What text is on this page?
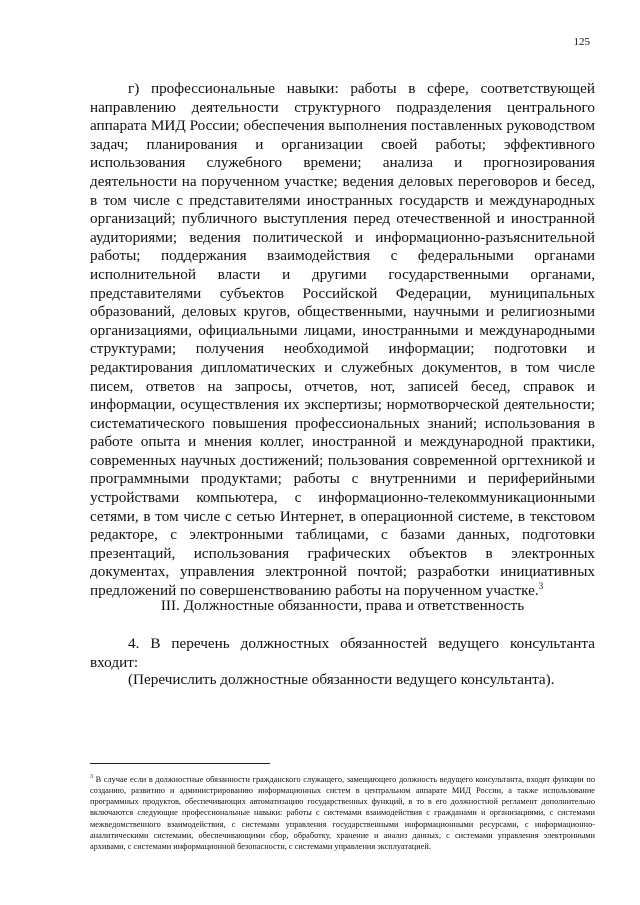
125

г) профессиональные навыки: работы в сфере, соответствующей направлению деятельности структурного подразделения центрального аппарата МИД России; обеспечения выполнения поставленных руководством задач; планирования и организации своей работы; эффективного использования служебного времени; анализа и прогнозирования деятельности на порученном участке; ведения деловых переговоров и бесед, в том числе с представителями иностранных государств и международных организаций; публичного выступления перед отечественной и иностранной аудиториями; ведения политической и информационно-разъяснительной работы; поддержания взаимодействия с федеральными органами исполнительной власти и другими государственными органами, представителями субъектов Российской Федерации, муниципальных образований, деловых кругов, общественными, научными и религиозными организациями, официальными лицами, иностранными и международными структурами; получения необходимой информации; подготовки и редактирования дипломатических и служебных документов, в том числе писем, ответов на запросы, отчетов, нот, записей бесед, справок и информации, осуществления их экспертизы; нормотворческой деятельности; систематического повышения профессиональных знаний; использования в работе опыта и мнения коллег, иностранной и международной практики, современных научных достижений; пользования современной оргтехникой и программными продуктами; работы с внутренними и периферийными устройствами компьютера, с информационно-телекоммуникационными сетями, в том числе с сетью Интернет, в операционной системе, в текстовом редакторе, с электронными таблицами, с базами данных, подготовки презентаций, использования графических объектов в электронных документах, управления электронной почтой; разработки инициативных предложений по совершенствованию работы на порученном участке.$^3$

III. Должностные обязанности, права и ответственность

4. В перечень должностных обязанностей ведущего консультанта входит:

(Перечислить должностные обязанности ведущего консультанта).

$^3$ В случае если в должностные обязанности гражданского служащего, замещающего должность ведущего консультанта, входят функции по созданию, развитию и администрированию информационных систем в центральном аппарате МИД России, а также использование программных продуктов, обеспечивающих автоматизацию государственных функций, в то в его должностной регламент дополнительно включаются следующие профессиональные навыки: работы с системами взаимодействия с гражданами и организациями, с системами межведомственного взаимодействия, с системами управления государственными информационными ресурсами, с информационно-аналитическими системами, обеспечивающими сбор, обработку, хранение и анализ данных, с системами управления электронными архивами, с системами информационной безопасности, с системами управления эксплуатацией.
